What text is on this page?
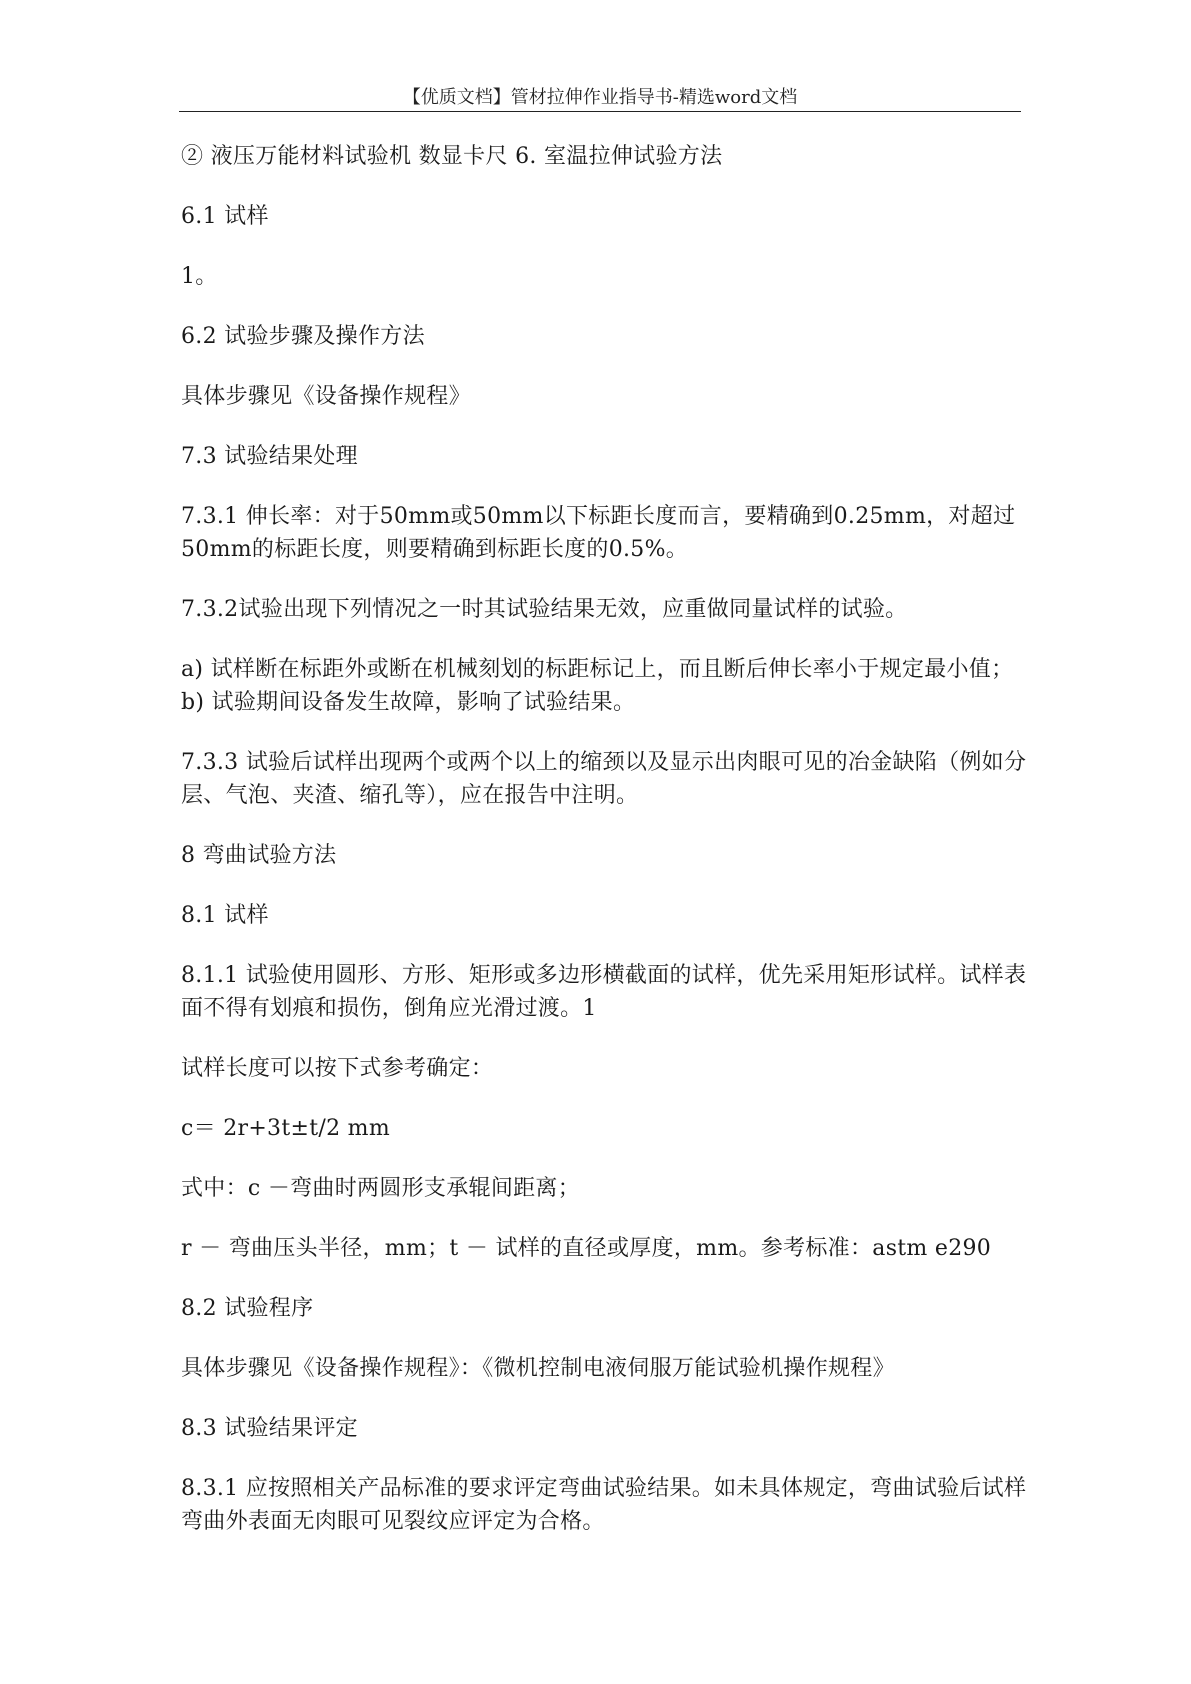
【优质文档】管材拉伸作业指导书-精选word文档

② 液压万能材料试验机 数显卡尺 6. 室温拉伸试验方法

6.1 试样

1。

6.2 试验步骤及操作方法

具体步骤见《设备操作规程》

7.3 试验结果处理

7.3.1 伸长率：对于50mm或50mm以下标距长度而言，要精确到0.25mm，对超过50mm的标距长度，则要精确到标距长度的0.5%。

7.3.2试验出现下列情况之一时其试验结果无效，应重做同量试样的试验。

a) 试样断在标距外或断在机械刻划的标距标记上，而且断后伸长率小于规定最小值； b) 试验期间设备发生故障，影响了试验结果。

7.3.3 试验后试样出现两个或两个以上的缩颈以及显示出肉眼可见的冶金缺陷（例如分层、气泡、夹渣、缩孔等），应在报告中注明。

8 弯曲试验方法

8.1 试样

8.1.1 试验使用圆形、方形、矩形或多边形横截面的试样，优先采用矩形试样。试样表面不得有划痕和损伤，倒角应光滑过渡。1

试样长度可以按下式参考确定：

c＝ 2r+3t±t/2 mm

式中：c －弯曲时两圆形支承辊间距离；

r － 弯曲压头半径，mm；t － 试样的直径或厚度，mm。参考标准：astm e290

8.2 试验程序

具体步骤见《设备操作规程》：《微机控制电液伺服万能试验机操作规程》

8.3 试验结果评定

8.3.1 应按照相关产品标准的要求评定弯曲试验结果。如未具体规定，弯曲试验后试样弯曲外表面无肉眼可见裂纹应评定为合格。
